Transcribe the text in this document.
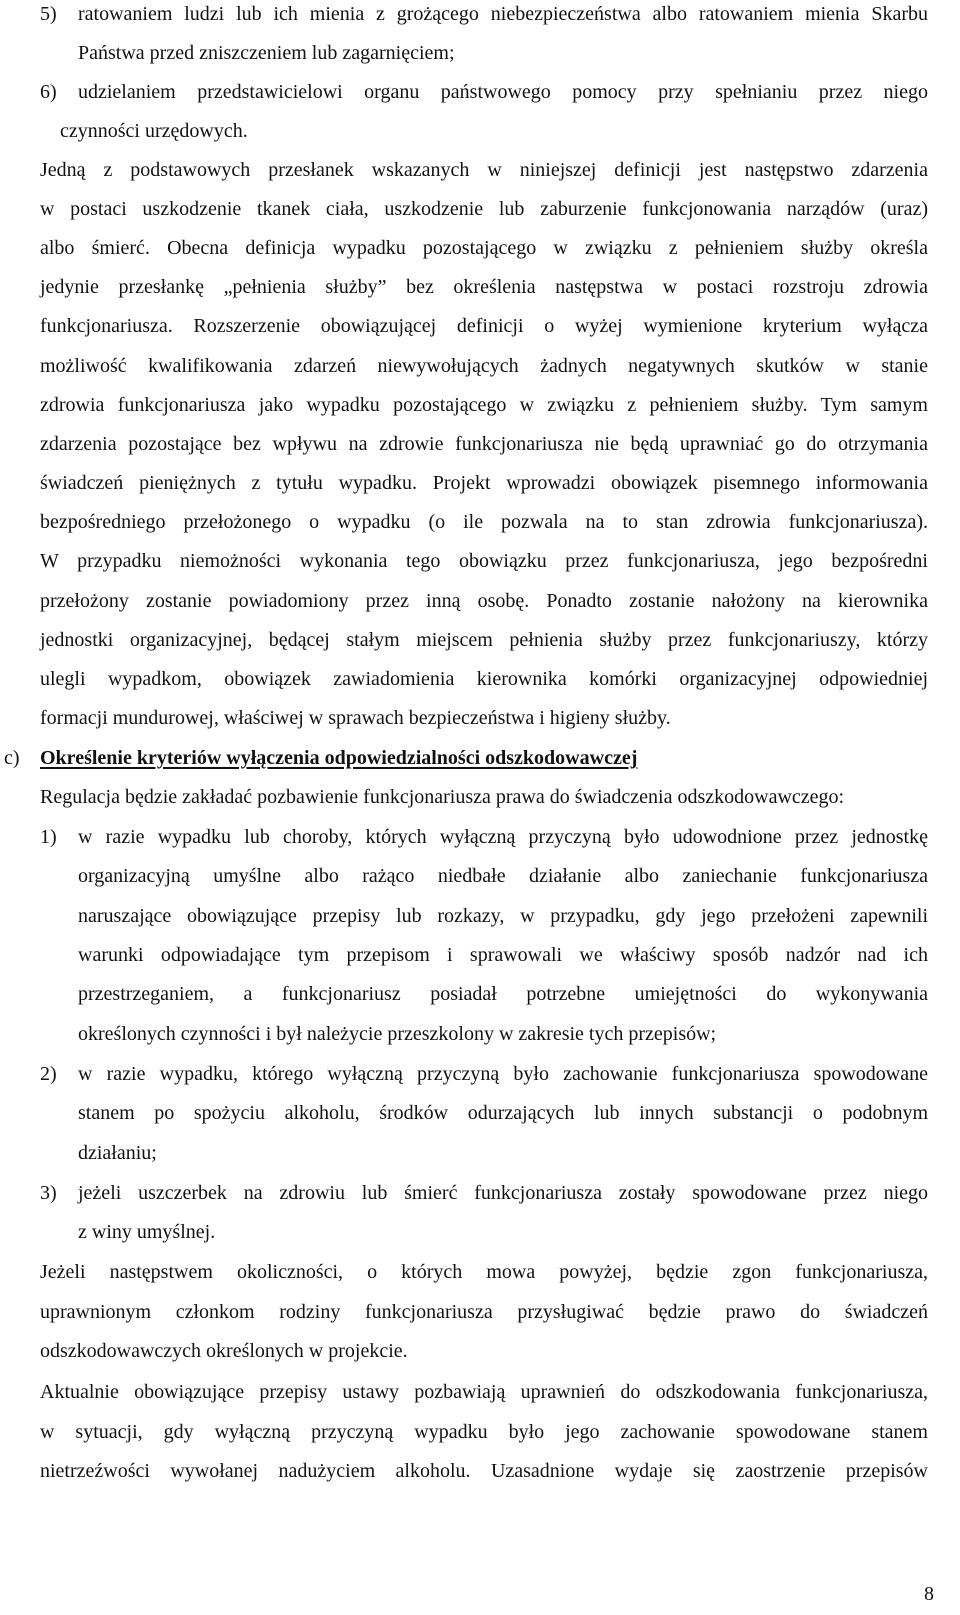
5) ratowaniem ludzi lub ich mienia z grożącego niebezpieczeństwa albo ratowaniem mienia Skarbu
Państwa przed zniszczeniem lub zagarnięciem;
6) udzielaniem przedstawicielowi organu państwowego pomocy przy spełnianiu przez niego
czynności urzędowych.
Jedną z podstawowych przesłanek wskazanych w niniejszej definicji jest następstwo zdarzenia
w postaci uszkodzenie tkanek ciała, uszkodzenie lub zaburzenie funkcjonowania narządów (uraz)
albo śmierć. Obecna definicja wypadku pozostającego w związku z pełnieniem służby określa
jedynie przesłankę „pełnienia służby” bez określenia następstwa w postaci rozstroju zdrowia
funkcjonariusza. Rozszerzenie obowiązującej definicji o wyżej wymienione kryterium wyłącza
możliwość kwalifikowania zdarzeń niewywołujących żadnych negatywnych skutków w stanie
zdrowia funkcjonariusza jako wypadku pozostającego w związku z pełnieniem służby. Tym samym
zdarzenia pozostające bez wpływu na zdrowie funkcjonariusza nie będą uprawniać go do otrzymania
świadczeń pieniężnych z tytułu wypadku. Projekt wprowadzi obowiązek pisemnego informowania
bezpośredniego przełożonego o wypadku (o ile pozwala na to stan zdrowia funkcjonariusza).
W przypadku niemożności wykonania tego obowiązku przez funkcjonariusza, jego bezpośredni
przełożony zostanie powiadomiony przez inną osobę. Ponadto zostanie nałożony na kierownika
jednostki organizacyjnej, będącej stałym miejscem pełnienia służby przez funkcjonariuszy, którzy
ulegli wypadkom, obowiązek zawiadomienia kierownika komórki organizacyjnej odpowiedniej
formacji mundurowej, właściwej w sprawach bezpieczeństwa i higieny służby.
c) Określenie kryteriów wyłączenia odpowiedzialności odszkodowawczej
Regulacja będzie zakładać pozbawienie funkcjonariusza prawa do świadczenia odszkodowawczego:
1) w razie wypadku lub choroby, których wyłączną przyczyną było udowodnione przez jednostkę
organizacyjną umyślne albo rażąco niedbałe działanie albo zaniechanie funkcjonariusza
naruszające obowiązujące przepisy lub rozkazy, w przypadku, gdy jego przełożeni zapewnili
warunki odpowiadające tym przepisom i sprawowali we właściwy sposób nadzór nad ich
przestrzeganiem, a funkcjonariusz posiadał potrzebne umiejętności do wykonywania
określonych czynności i był należycie przeszkolony w zakresie tych przepisów;
2) w razie wypadku, którego wyłączną przyczyną było zachowanie funkcjonariusza spowodowane
stanem po spożyciu alkoholu, środków odurzających lub innych substancji o podobnym
działaniu;
3) jeżeli uszczerbek na zdrowiu lub śmierć funkcjonariusza zostały spowodowane przez niego
z winy umyślnej.
Jeżeli następstwem okoliczności, o których mowa powyżej, będzie zgon funkcjonariusza,
uprawnionym członkom rodziny funkcjonariusza przysługiwać będzie prawo do świadczeń
odszkodowawczych określonych w projekcie.
Aktualnie obowiązujące przepisy ustawy pozbawiają uprawnień do odszkodowania funkcjonariusza,
w sytuacji, gdy wyłączną przyczyną wypadku było jego zachowanie spowodowane stanem
nietrzeźwości wywołanej nadużyciem alkoholu. Uzasadnione wydaje się zaostrzenie przepisów
8
